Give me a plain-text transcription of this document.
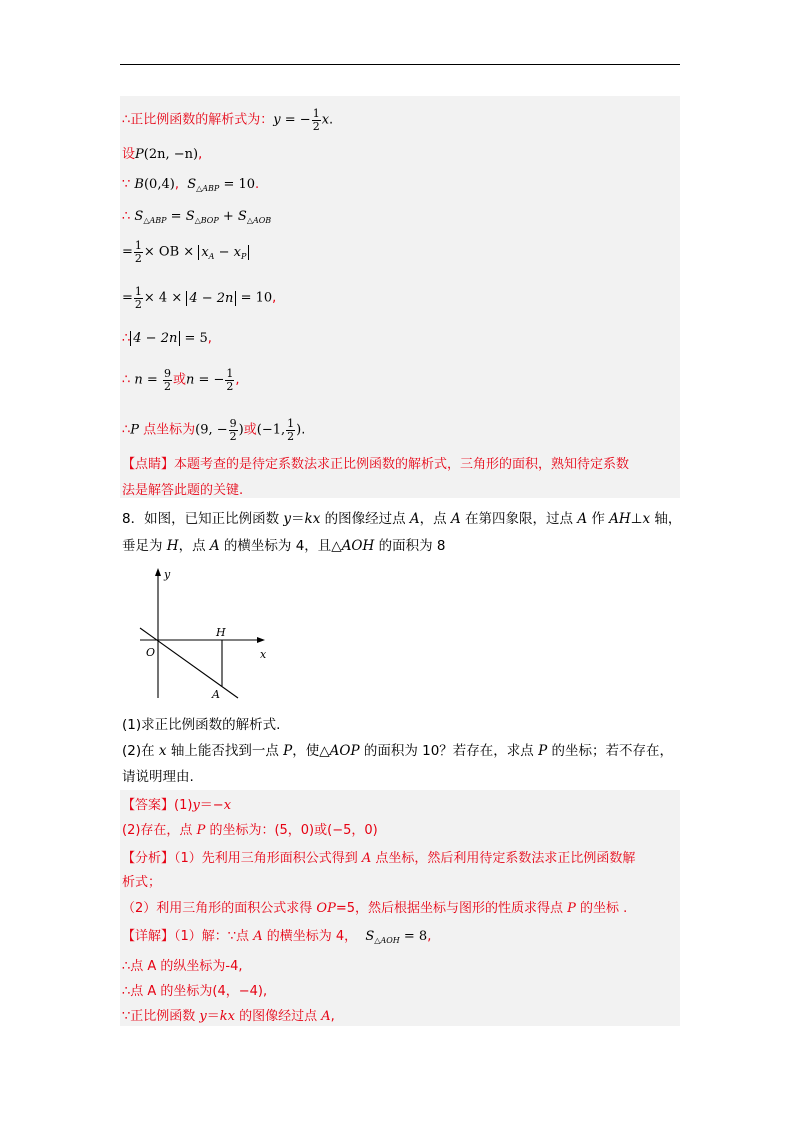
∴正比例函数的解析式为：y = − $\frac{1}{2} x$.
设P(2n, −n),
∵ B(0,4), $S_{\triangle ABP} = 10$.
∴ $S_{\triangle ABP} = S_{\triangle BOP} + S_{\triangle AOB}$
= $\frac{1}{2}$ × OB × $x_A - x_P$
= $\frac{1}{2} \times 4 \times 4 - 2n = 10$,
∴ 4 − 2n = 5,
∴ $n = \frac{9}{2}$ 或n = − $\frac{1}{2}$ ,
∴P 点坐标为(9, − $\frac{9}{2}$ )或(−1, $\frac{1}{2}$ ).
【点睛】本题考查的是待定系数法求正比例函数的解析式，三角形的面积，熟知待定系数
法是解答此题的关键.
8．如图，已知正比例函数 y＝kx 的图像经过点 A，点 A 在第四象限，过点 A 作 AH⊥x 轴，
垂足为 H，点 A 的横坐标为 4，且△AOH 的面积为 8
y
x
O
H
A
(1)求正比例函数的解析式.
(2)在 x 轴上能否找到一点 P，使△AOP 的面积为 10？若存在，求点 P 的坐标；若不存在，
请说明理由.
【答案】(1)y＝−x
(2)存在，点 P 的坐标为：(5，0)或(−5，0)
【分析】（1）先利用三角形面积公式得到 A 点坐标，然后利用待定系数法求正比例函数解
析式；
（2）利用三角形的面积公式求得 OP=5，然后根据坐标与图形的性质求得点 P 的坐标 .
【详解】（1）解：∵点 A 的横坐标为 4， $S_{\triangle AOH} = 8$,
∴点 A 的纵坐标为-4,
∴点 A 的坐标为(4，−4),
∵正比例函数 y＝kx 的图像经过点 A,
